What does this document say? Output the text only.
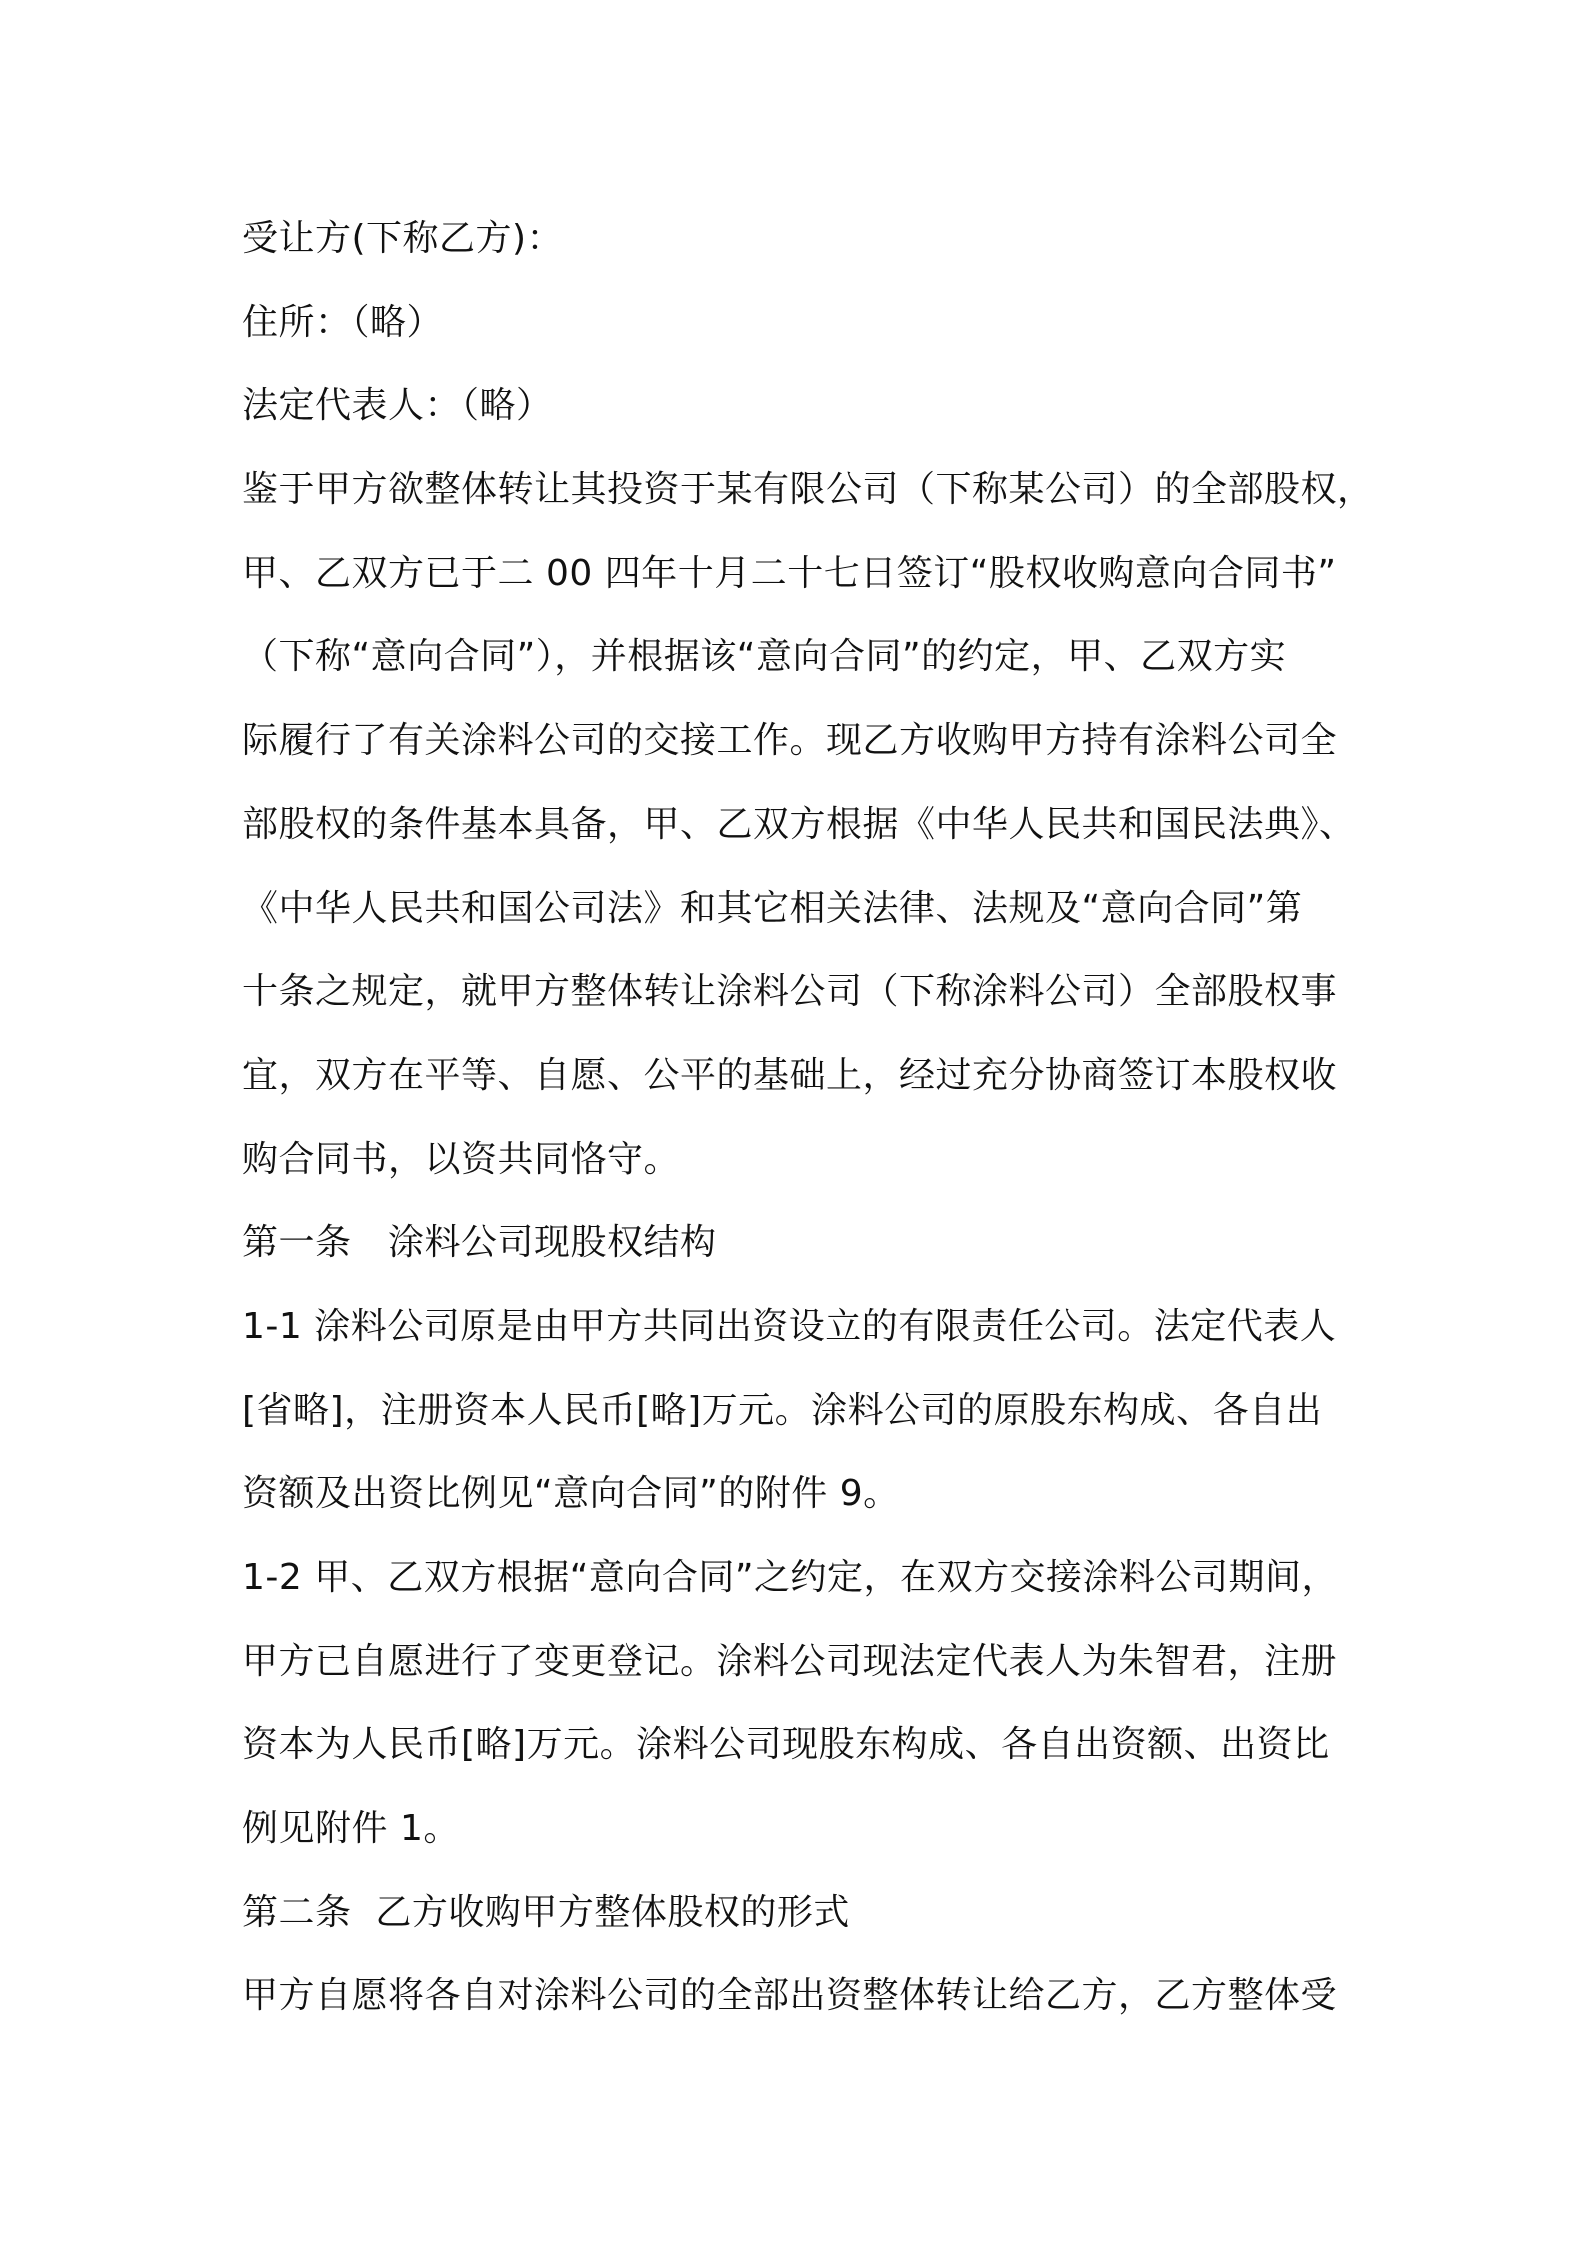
受让方(下称乙方)：
住所：（略）
法定代表人：（略）
鉴于甲方欲整体转让其投资于某有限公司（下称某公司）的全部股权，
甲、乙双方已于二 00 四年十月二十七日签订“股权收购意向合同书”
（下称“意向合同”），并根据该“意向合同”的约定，甲、乙双方实
际履行了有关涂料公司的交接工作。现乙方收购甲方持有涂料公司全
部股权的条件基本具备，甲、乙双方根据《中华人民共和国民法典》、
《中华人民共和国公司法》和其它相关法律、法规及“意向合同”第
十条之规定，就甲方整体转让涂料公司（下称涂料公司）全部股权事
宜，双方在平等、自愿、公平的基础上，经过充分协商签订本股权收
购合同书，以资共同恪守。
第一条　涂料公司现股权结构
1-1 涂料公司原是由甲方共同出资设立的有限责任公司。法定代表人
[省略]，注册资本人民币[略]万元。涂料公司的原股东构成、各自出
资额及出资比例见“意向合同”的附件 9。
1-2 甲、乙双方根据“意向合同”之约定，在双方交接涂料公司期间，
甲方已自愿进行了变更登记。涂料公司现法定代表人为朱智君，注册
资本为人民币[略]万元。涂料公司现股东构成、各自出资额、出资比
例见附件 1。
第二条  乙方收购甲方整体股权的形式
甲方自愿将各自对涂料公司的全部出资整体转让给乙方，乙方整体受
